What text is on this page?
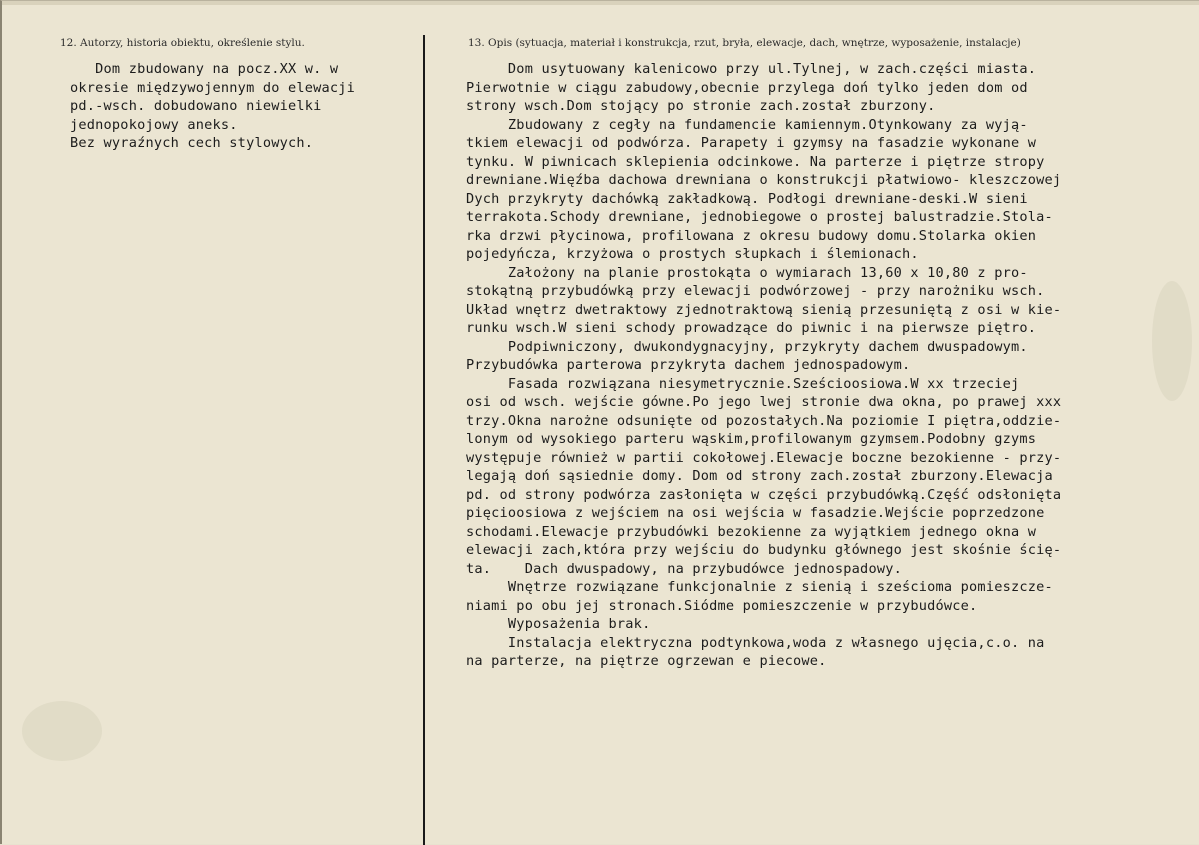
12. Autorzy, historia obiektu, określenie stylu.	13. Opis (sytuacja, materiał i konstrukcja, rzut, bryła, elewacje, dach, wnętrze, wyposażenie, instalacje)
Dom zbudowany na pocz.XX w. w
okresie międzywojennym do elewacji
pd.-wsch. dobudowano niewielki
jednopokojowy aneks.
Bez wyraźnych cech stylowych.
Dom usytuowany kalenicowo przy ul.Tylnej, w zach.części miasta.
Pierwotnie w ciągu zabudowy,obecnie przylega doń tylko jeden dom od
strony wsch.Dom stojący po stronie zach.został zburzony.
Zbudowany z cegły na fundamencie kamiennym.Otynkowany za wyją-
tkiem elewacji od podwórza. Parapety i gzymsy na fasadzie wykonane w
tynku. W piwnicach sklepienia odcinkowe. Na parterze i piętrze stropy
drewniane.Więźba dachowa drewniana o konstrukcji płatwiowo- kleszczowej
Dych przykryty dachówką zakładkową. Podłogi drewniane-deski.W sieni
terrakota.Schody drewniane, jednobiegowe o prostej balustradzie.Stola-
rka drzwi płycinowa, profilowana z okresu budowy domu.Stolarka okien
pojedyńcza, krzyżowa o prostych słupkach i ślemionach.
Założony na planie prostokąta o wymiarach 13,60 x 10,80 z pro-
stokątną przybudówką przy elewacji podwórzowej - przy narożniku wsch.
Układ wnętrz dwetraktowy zjednotraktową sienią przesuniętą z osi w kie-
runku wsch.W sieni schody prowadzące do piwnic i na pierwsze piętro.
Podpiwniczony, dwukondygnacyjny, przykryty dachem dwuspadowym.
Przybudówka parterowa przykryta dachem jednospadowym.
Fasada rozwiązana niesymetrycznie.Sześcioosiowa.W xx trzeciej
osi od wsch. wejście gówne.Po jego lwej stronie dwa okna, po prawej xxx
trzy.Okna narożne odsunięte od pozostałych.Na poziomie I piętra,oddzie-
lonym od wysokiego parteru wąskim,profilowanym gzymsem.Podobny gzyms
występuje również w partii cokołowej.Elewacje boczne bezokienne - przy-
legają doń sąsiednie domy. Dom od strony zach.został zburzony.Elewacja
pd. od strony podwórza zasłonięta w części przybudówką.Część odsłonięta
pięcioosiowa z wejściem na osi wejścia w fasadzie.Wejście poprzedzone
schodami.Elewacje przybudówki bezokienne za wyjątkiem jednego okna w
elewacji zach,która przy wejściu do budynku głównego jest skośnie ścię-
ta.    Dach dwuspadowy, na przybudówce jednospadowy.
Wnętrze rozwiązane funkcjonalnie z sienią i sześcioma pomieszcze-
niami po obu jej stronach.Siódme pomieszczenie w przybudówce.
Wyposażenia brak.
Instalacja elektryczna podtynkowa,woda z własnego ujęcia,c.o. na
na parterze, na piętrze ogrzewan e piecowe.
